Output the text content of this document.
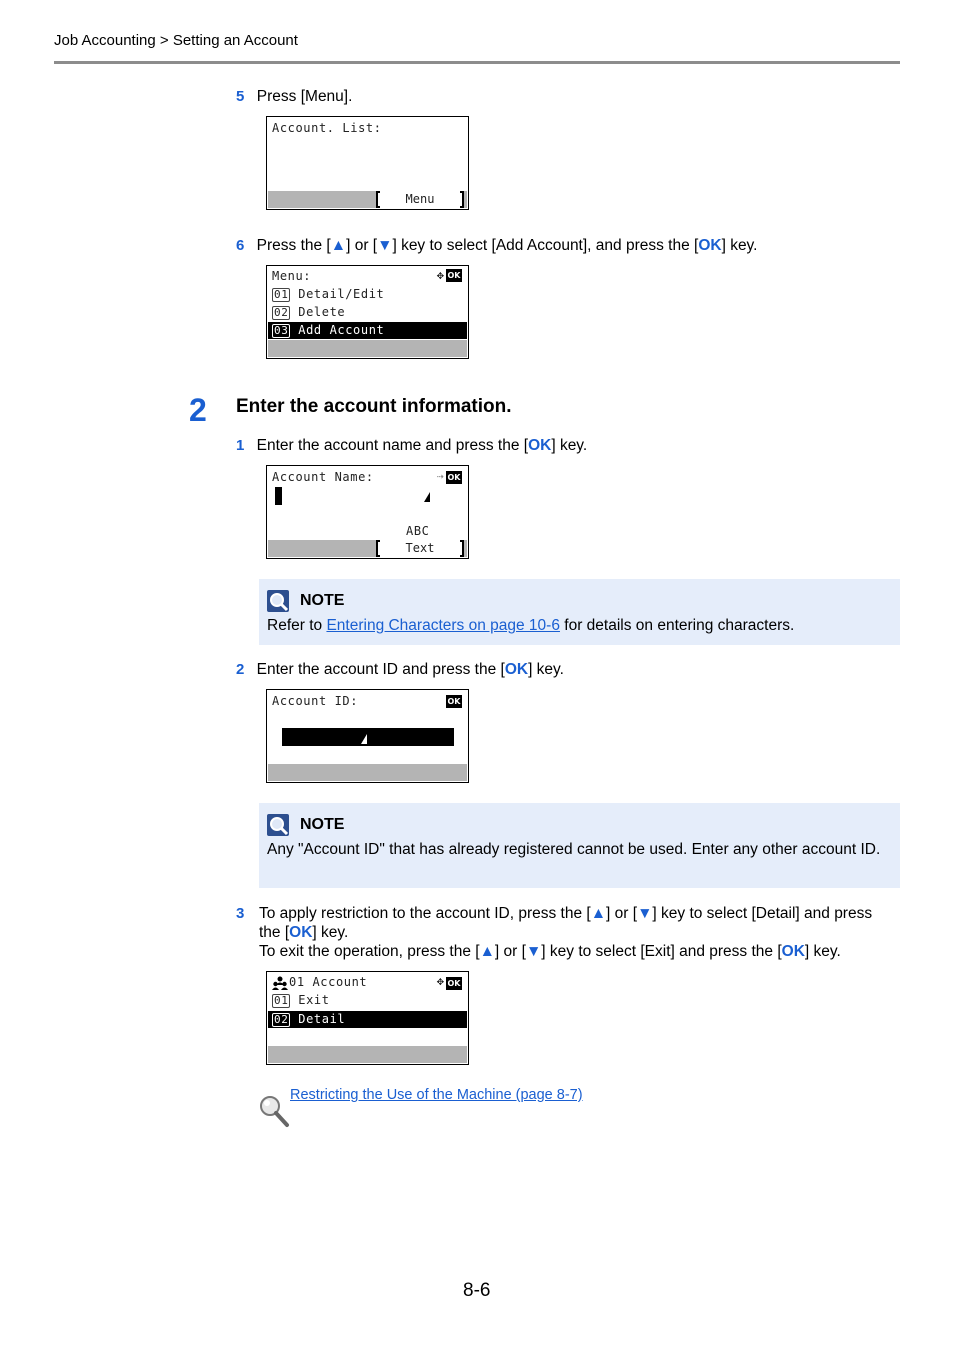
Job Accounting > Setting an Account
5 Press [Menu].
Account. List:
Menu
6 Press the [▲] or [▼] key to select [Add Account], and press the [OK] key.
Menu:	✥ OK
01 Detail/Edit
02 Delete
03 Add Account
2 Enter the account information.
1 Enter the account name and press the [OK] key.
Account Name:	⇢ OK
ABC
Text
NOTE
Refer to Entering Characters on page 10-6 for details on entering characters.
2 Enter the account ID and press the [OK] key.
Account ID:	OK
NOTE
Any "Account ID" that has already registered cannot be used. Enter any other account ID.
3 To apply restriction to the account ID, press the [▲] or [▼] key to select [Detail] and press
the [OK] key.
To exit the operation, press the [▲] or [▼] key to select [Exit] and press the [OK] key.
01 Account	✥ OK
01 Exit
02 Detail
Restricting the Use of the Machine (page 8-7)
8-6
